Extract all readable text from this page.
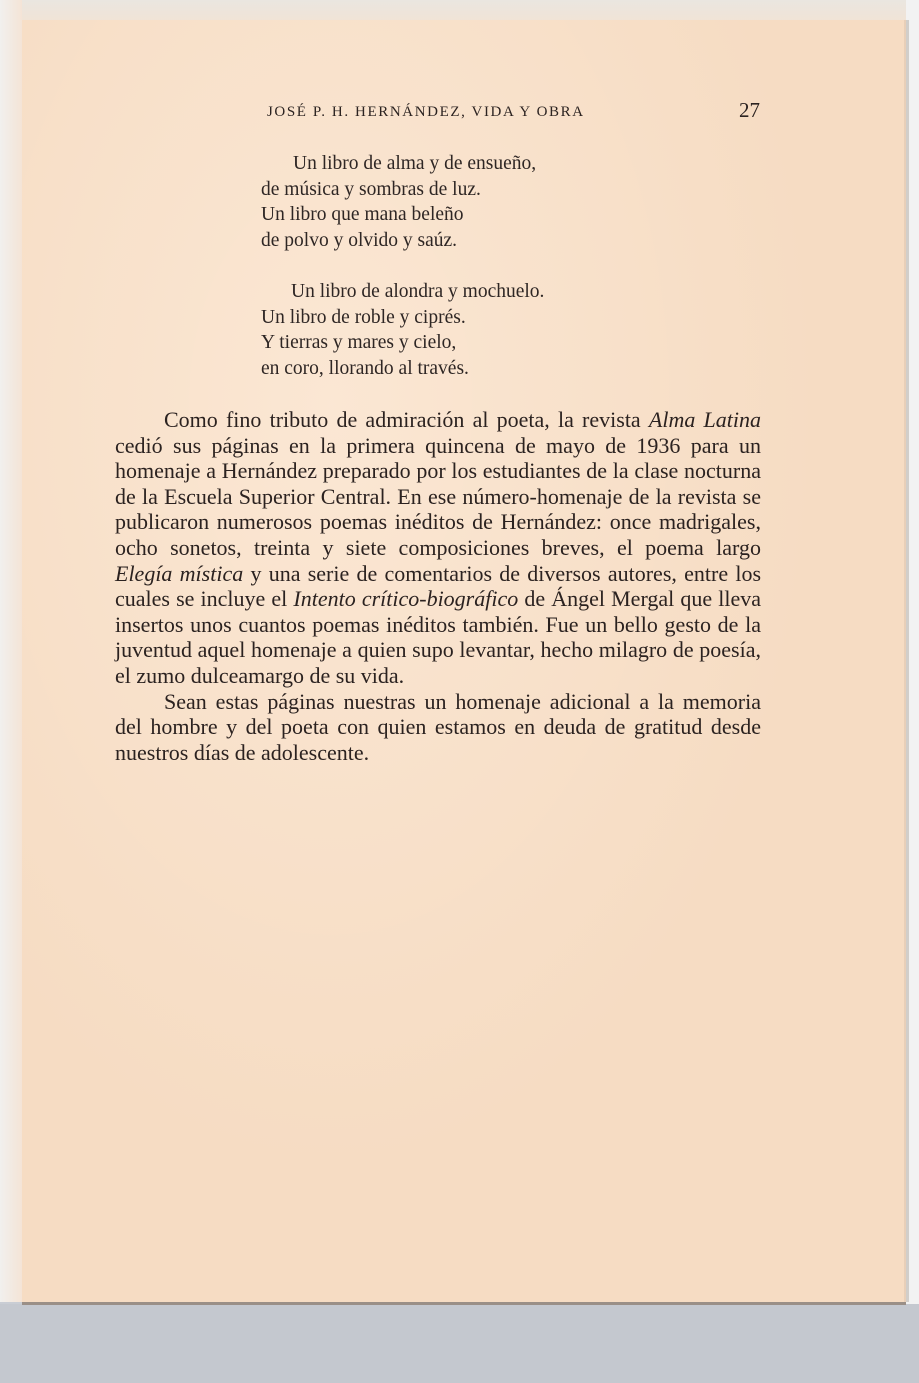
JOSÉ P. H. HERNÁNDEZ, VIDA Y OBRA	27
Un libro de alma y de ensueño,
de música y sombras de luz.
Un libro que mana beleño
de polvo y olvido y saúz.
Un libro de alondra y mochuelo.
Un libro de roble y ciprés.
Y tierras y mares y cielo,
en coro, llorando al través.

Como fino tributo de admiración al poeta, la revista Alma Latina cedió sus páginas en la primera quincena de mayo de 1936 para un homenaje a Hernández preparado por los estudiantes de la clase nocturna de la Escuela Superior Central. En ese número-homenaje de la revista se publicaron numerosos poemas inéditos de Hernández: once madrigales, ocho sonetos, treinta y siete composiciones breves, el poema largo Elegía mística y una serie de comentarios de diversos autores, entre los cuales se incluye el Intento crítico-biográfico de Ángel Mergal que lleva insertos unos cuantos poemas inéditos también. Fue un bello gesto de la juventud aquel homenaje a quien supo levantar, hecho milagro de poesía, el zumo dulceamargo de su vida.

Sean estas páginas nuestras un homenaje adicional a la memoria del hombre y del poeta con quien estamos en deuda de gratitud desde nuestros días de adolescente.
